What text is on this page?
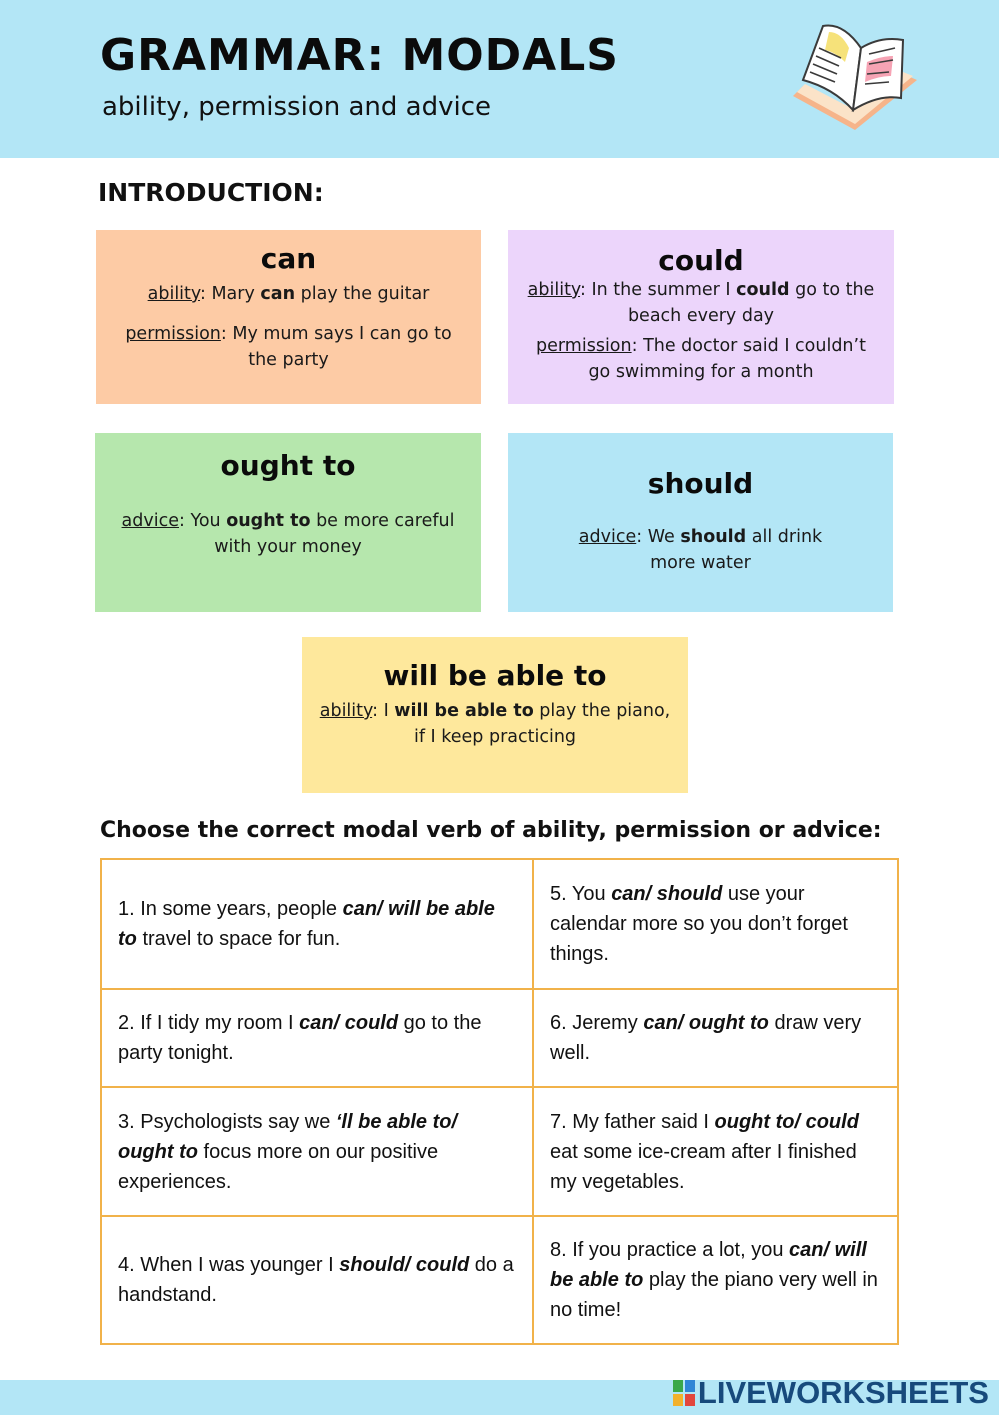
GRAMMAR: MODALS

ability, permission and advice

INTRODUCTION:
can

ability: Mary can play the guitar

permission: My mum says I can go to the party

could

ability: In the summer I could go to the beach every day

permission: The doctor said I couldn’t go swimming for a month

ought to

advice: You ought to be more careful with your money

should

advice: We should all drink more water

will be able to

ability: I will be able to play the piano, if I keep practicing

Choose the correct modal verb of ability, permission or advice:

1. In some years, people can/ will be able to travel to space for fun.	5. You can/ should use your calendar more so you don’t forget things.
2. If I tidy my room I can/ could go to the party tonight.	6. Jeremy can/ ought to draw very well.
3. Psychologists say we ‘ll be able to/ ought to focus more on our positive experiences.	7. My father said I ought to/ could eat some ice-cream after I finished my vegetables.
4. When I was younger I should/ could do a handstand.	8. If you practice a lot, you can/ will be able to play the piano very well in no time!
LIVEWORKSHEETS
